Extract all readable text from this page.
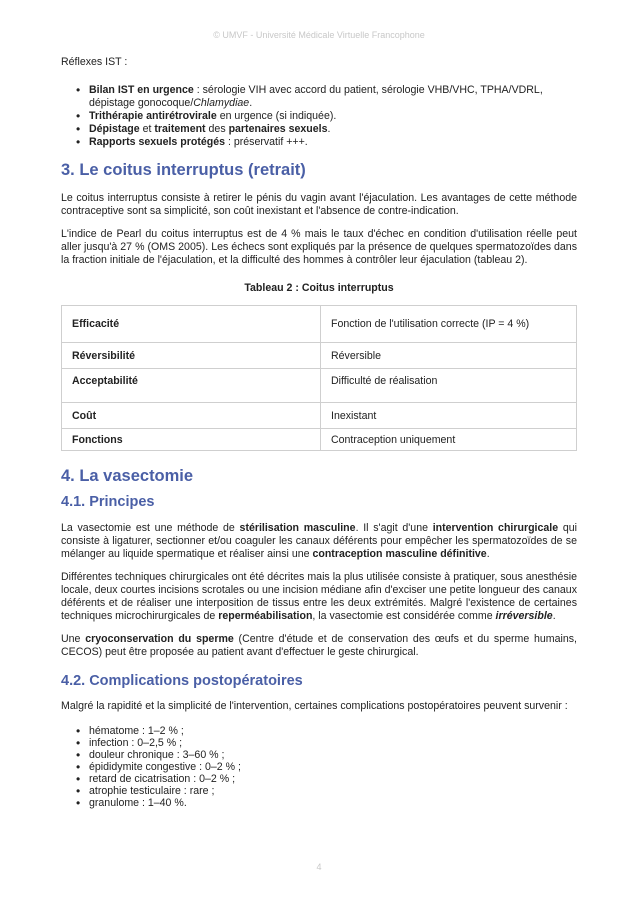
© UMVF - Université Médicale Virtuelle Francophone

Réflexes IST :

• Bilan IST en urgence : sérologie VIH avec accord du patient, sérologie VHB/VHC, TPHA/VDRL, dépistage gonocoque/Chlamydiae.
• Trithérapie antirétrovirale en urgence (si indiquée).
• Dépistage et traitement des partenaires sexuels.
• Rapports sexuels protégés : préservatif +++.
3. Le coitus interruptus (retrait)

Le coitus interruptus consiste à retirer le pénis du vagin avant l'éjaculation. Les avantages de cette méthode contraceptive sont sa simplicité, son coût inexistant et l'absence de contre-indication.

L'indice de Pearl du coitus interruptus est de 4 % mais le taux d'échec en condition d'utilisation réelle peut aller jusqu'à 27 % (OMS 2005). Les échecs sont expliqués par la présence de quelques spermatozoïdes dans la fraction initiale de l'éjaculation, et la difficulté des hommes à contrôler leur éjaculation (tableau 2).

Tableau 2 : Coitus interruptus
Efficacité	Fonction de l'utilisation correcte (IP = 4 %)
Réversibilité	Réversible
Acceptabilité	Difficulté de réalisation
Coût	Inexistant
Fonctions	Contraception uniquement
4. La vasectomie
4.1. Principes

La vasectomie est une méthode de stérilisation masculine. Il s'agit d'une intervention chirurgicale qui consiste à ligaturer, sectionner et/ou coaguler les canaux déférents pour empêcher les spermatozoïdes de se mélanger au liquide spermatique et réaliser ainsi une contraception masculine définitive.

Différentes techniques chirurgicales ont été décrites mais la plus utilisée consiste à pratiquer, sous anesthésie locale, deux courtes incisions scrotales ou une incision médiane afin d'exciser une petite longueur des canaux déférents et de réaliser une interposition de tissus entre les deux extrémités. Malgré l'existence de certaines techniques microchirurgicales de reperméabilisation, la vasectomie est considérée comme irréversible.

Une cryoconservation du sperme (Centre d'étude et de conservation des œufs et du sperme humains, CECOS) peut être proposée au patient avant d'effectuer le geste chirurgical.

4.2. Complications postopératoires

Malgré la rapidité et la simplicité de l'intervention, certaines complications postopératoires peuvent survenir :

• hématome : 1–2 % ;
• infection : 0–2,5 % ;
• douleur chronique : 3–60 % ;
• épididymite congestive : 0–2 % ;
• retard de cicatrisation : 0–2 % ;
• atrophie testiculaire : rare ;
• granulome : 1–40 %.
4
